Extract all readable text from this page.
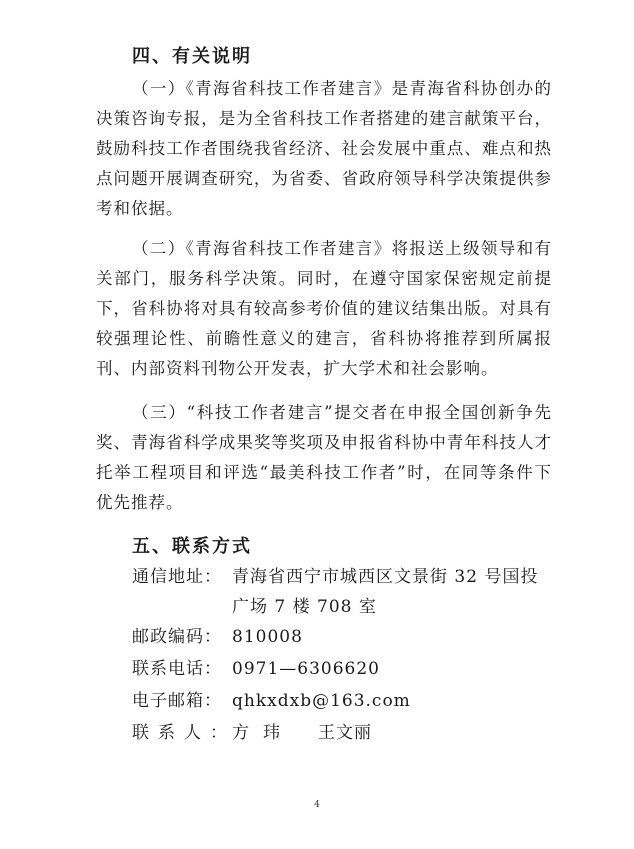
四、有关说明

（一）《青海省科技工作者建言》是青海省科协创办的决策咨询专报，是为全省科技工作者搭建的建言献策平台，鼓励科技工作者围绕我省经济、社会发展中重点、难点和热点问题开展调查研究，为省委、省政府领导科学决策提供参考和依据。

（二）《青海省科技工作者建言》将报送上级领导和有关部门，服务科学决策。同时，在遵守国家保密规定前提下，省科协将对具有较高参考价值的建议结集出版。对具有较强理论性、前瞻性意义的建言，省科协将推荐到所属报刊、内部资料刊物公开发表，扩大学术和社会影响。

（三）“科技工作者建言”提交者在申报全国创新争先奖、青海省科学成果奖等奖项及申报省科协中青年科技人才托举工程项目和评选“最美科技工作者”时，在同等条件下优先推荐。

五、联系方式
通信地址： 青海省西宁市城西区文景街 32 号国投广场 7 楼 708 室
邮政编码： 810008
联系电话： 0971—6306620
电子邮箱： qhkxdxb@163.com
联系人：方玮 王文丽
4
